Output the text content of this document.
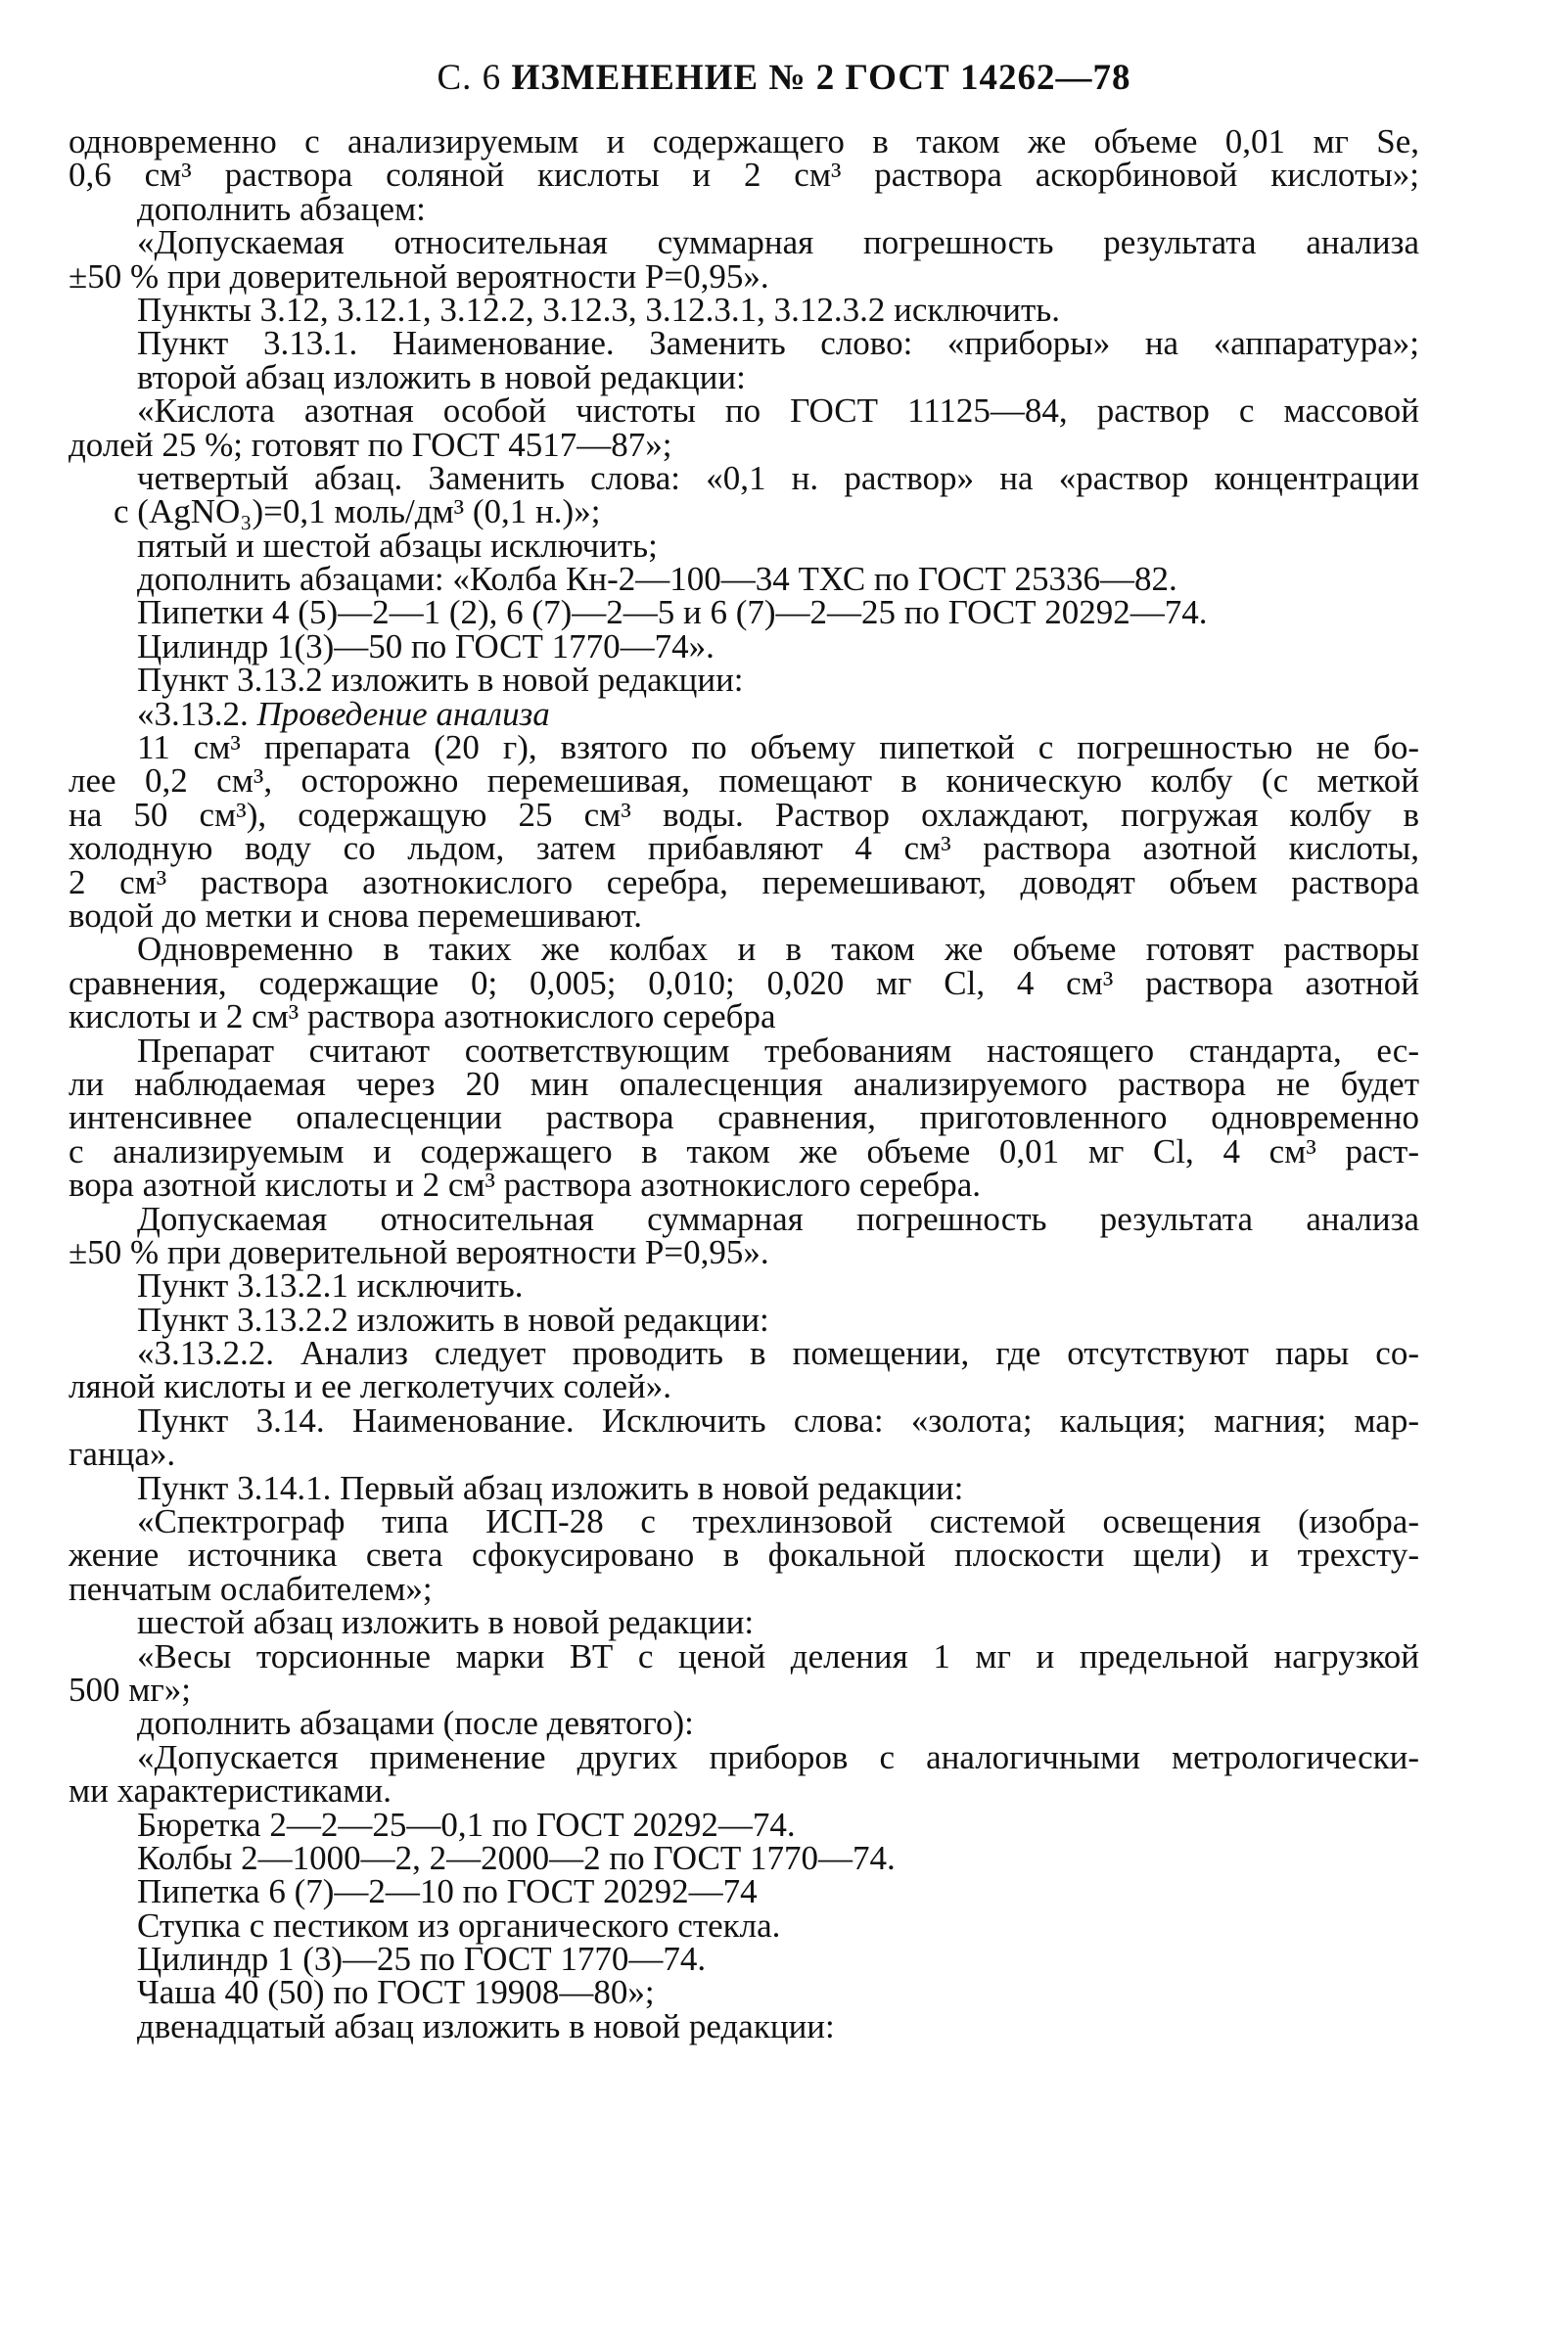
С. 6 ИЗМЕНЕНИЕ № 2 ГОСТ 14262—78
одновременно с анализируемым и содержащего в таком же объеме 0,01 мг Se,
0,6 см³ раствора соляной кислоты и 2 см³ раствора аскорбиновой кислоты»;
дополнить абзацем:
«Допускаемая относительная суммарная погрешность результата анализа
±50 % при доверительной вероятности P=0,95».
Пункты 3.12, 3.12.1, 3.12.2, 3.12.3, 3.12.3.1, 3.12.3.2 исключить.
Пункт 3.13.1. Наименование. Заменить слово: «приборы» на «аппаратура»;
второй абзац изложить в новой редакции:
«Кислота азотная особой чистоты по ГОСТ 11125—84, раствор с массовой
долей 25 %; готовят по ГОСТ 4517—87»;
четвертый абзац. Заменить слова: «0,1 н. раствор» на «раствор концентрации
c (AgNO₃)=0,1 моль/дм³ (0,1 н.)»;
пятый и шестой абзацы исключить;
дополнить абзацами: «Колба Кн-2—100—34 ТХС по ГОСТ 25336—82.
Пипетки 4 (5)—2—1 (2), 6 (7)—2—5 и 6 (7)—2—25 по ГОСТ 20292—74.
Цилиндр 1(3)—50 по ГОСТ 1770—74».
Пункт 3.13.2 изложить в новой редакции:
«3.13.2. Проведение анализа
11 см³ препарата (20 г), взятого по объему пипеткой с погрешностью не бо-
лее 0,2 см³, осторожно перемешивая, помещают в коническую колбу (с меткой
на 50 см³), содержащую 25 см³ воды. Раствор охлаждают, погружая колбу в
холодную воду со льдом, затем прибавляют 4 см³ раствора азотной кислоты,
2 см³ раствора азотнокислого серебра, перемешивают, доводят объем раствора
водой до метки и снова перемешивают.
Одновременно в таких же колбах и в таком же объеме готовят растворы
сравнения, содержащие 0; 0,005; 0,010; 0,020 мг Cl, 4 см³ раствора азотной
кислоты и 2 см³ раствора азотнокислого серебра
Препарат считают соответствующим требованиям настоящего стандарта, ес-
ли наблюдаемая через 20 мин опалесценция анализируемого раствора не будет
интенсивнее опалесценции раствора сравнения, приготовленного одновременно
с анализируемым и содержащего в таком же объеме 0,01 мг Cl, 4 см³ раст-
вора азотной кислоты и 2 см³ раствора азотнокислого серебра.
Допускаемая относительная суммарная погрешность результата анализа
±50 % при доверительной вероятности P=0,95».
Пункт 3.13.2.1 исключить.
Пункт 3.13.2.2 изложить в новой редакции:
«3.13.2.2. Анализ следует проводить в помещении, где отсутствуют пары со-
ляной кислоты и ее легколетучих солей».
Пункт 3.14. Наименование. Исключить слова: «золота; кальция; магния; мар-
ганца».
Пункт 3.14.1. Первый абзац изложить в новой редакции:
«Спектрограф типа ИСП-28 с трехлинзовой системой освещения (изобра-
жение источника света сфокусировано в фокальной плоскости щели) и трехсту-
пенчатым ослабителем»;
шестой абзац изложить в новой редакции:
«Весы торсионные марки ВТ с ценой деления 1 мг и предельной нагрузкой
500 мг»;
дополнить абзацами (после девятого):
«Допускается применение других приборов с аналогичными метрологически-
ми характеристиками.
Бюретка 2—2—25—0,1 по ГОСТ 20292—74.
Колбы 2—1000—2, 2—2000—2 по ГОСТ 1770—74.
Пипетка 6 (7)—2—10 по ГОСТ 20292—74
Ступка с пестиком из органического стекла.
Цилиндр 1 (3)—25 по ГОСТ 1770—74.
Чаша 40 (50) по ГОСТ 19908—80»;
двенадцатый абзац изложить в новой редакции:
